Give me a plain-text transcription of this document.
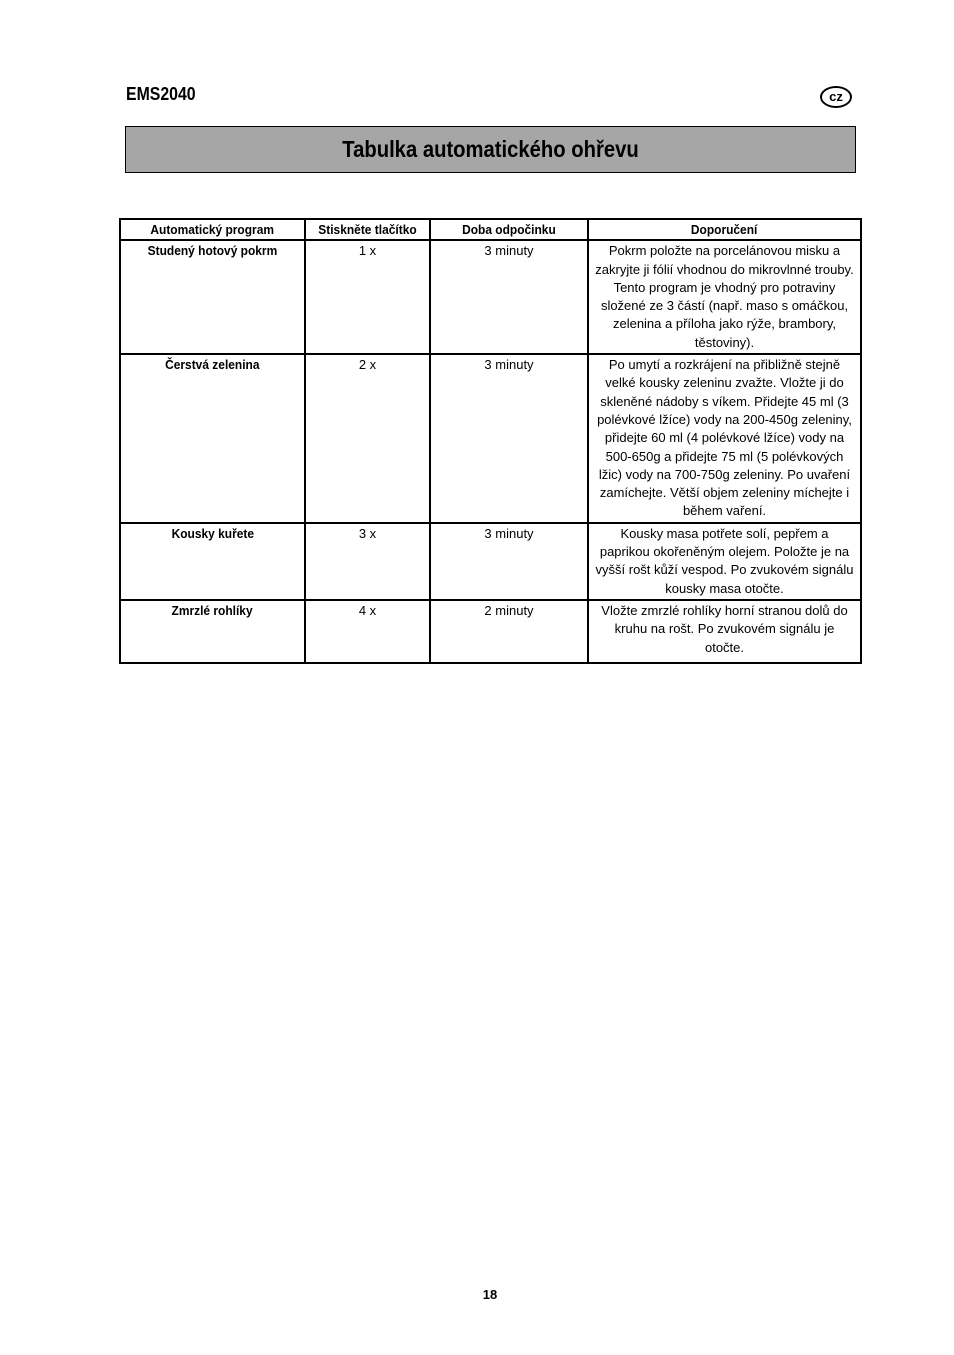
EMS2040	cz
Tabulka automatického ohřevu
Automatický program	Stiskněte tlačítko	Doba odpočinku	Doporučení
Studený hotový pokrm	1 x	3 minuty	Pokrm položte na porcelánovou misku a zakryjte ji fólií vhodnou do mikrovlnné trouby. Tento program je vhodný pro potraviny složené ze 3 částí (např. maso s omáčkou, zelenina a příloha jako rýže, brambory, těstoviny).
Čerstvá zelenina	2 x	3 minuty	Po umytí a rozkrájení na přibližně stejně velké kousky zeleninu zvažte. Vložte ji do skleněné nádoby s víkem. Přidejte 45 ml (3 polévkové lžíce) vody na 200-450g zeleniny, přidejte 60 ml (4 polévkové lžíce) vody na 500-650g a přidejte 75 ml (5 polévkových lžic) vody na 700-750g zeleniny. Po uvaření zamíchejte. Větší objem zeleniny míchejte i během vaření.
Kousky kuřete	3 x	3 minuty	Kousky masa potřete solí, pepřem a paprikou okořeněným olejem. Položte je na vyšší rošt kůží vespod. Po zvukovém signálu kousky masa otočte.
Zmrzlé rohlíky	4 x	2 minuty	Vložte zmrzlé rohlíky horní stranou dolů do kruhu na rošt. Po zvukovém signálu je otočte.
18
